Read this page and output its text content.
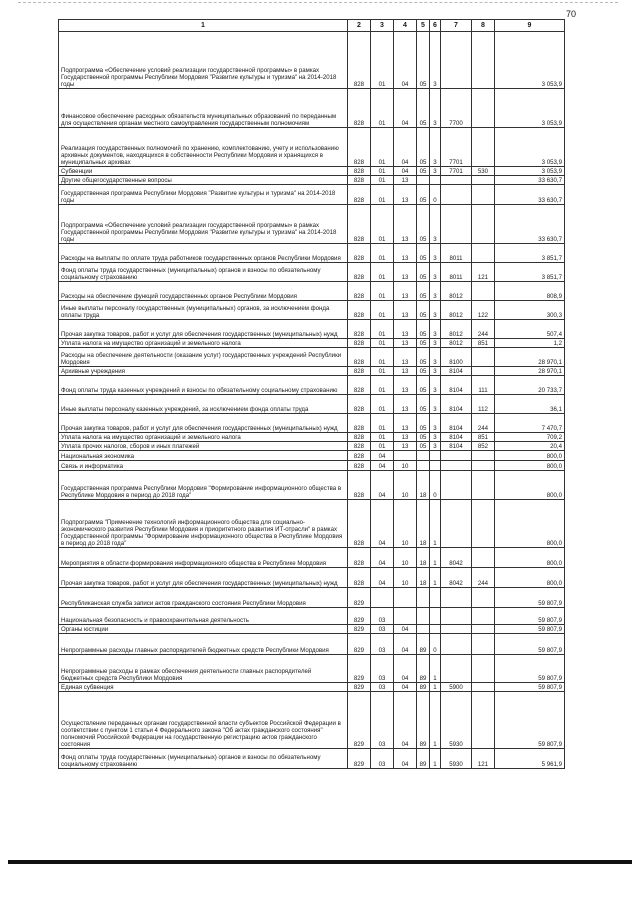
70
1	2	3	4	5	6	7	8	9
Подпрограмма «Обеспечение условий реализации государственной программы» в рамках Государственной программы Республики Мордовия "Развитие культуры и туризма" на 2014-2018 годы	828	01	04	05	3			3 053,9
Финансовое обеспечение расходных обязательств муниципальных образований по переданным для осуществления органам местного самоуправления государственным полномочиям	828	01	04	05	3	7700		3 053,9
Реализация государственных полномочий по хранению, комплектованию, учету и использованию архивных документов, находящихся в собственности Республики Мордовия и хранящихся в муниципальных архивах	828	01	04	05	3	7701		3 053,9
Субвенции	828	01	04	05	3	7701	530	3 053,9
Другие общегосударственные вопросы	828	01	13					33 630,7
Государственная программа Республики Мордовия "Развитие культуры и туризма" на 2014-2018 годы	828	01	13	05	0			33 630,7
Подпрограмма «Обеспечение условий реализации государственной программы» в рамках Государственной программы Республики Мордовия "Развитие культуры и туризма" на 2014-2018 годы	828	01	13	05	3			33 630,7
Расходы на выплаты по оплате труда работников государственных органов Республики Мордовия	828	01	13	05	3	8011		3 851,7
Фонд оплаты труда государственных (муниципальных) органов и взносы по обязательному социальному страхованию	828	01	13	05	3	8011	121	3 851,7
Расходы на обеспечение функций государственных органов Республики Мордовия	828	01	13	05	3	8012		808,9
Иные выплаты персоналу государственных (муниципальных) органов, за исключением фонда оплаты труда	828	01	13	05	3	8012	122	300,3
Прочая закупка товаров, работ и услуг для обеспечения государственных (муниципальных) нужд	828	01	13	05	3	8012	244	507,4
Уплата налога на имущество организаций и земельного налога	828	01	13	05	3	8012	851	1,2
Расходы на обеспечение деятельности (оказание услуг) государственных учреждений Республики Мордовия	828	01	13	05	3	8100		28 970,1
Архивные учреждения	828	01	13	05	3	8104		28 970,1
Фонд оплаты труда казенных учреждений и взносы по обязательному социальному страхованию	828	01	13	05	3	8104	111	20 733,7
Иные выплаты персоналу казенных учреждений, за исключением фонда оплаты труда	828	01	13	05	3	8104	112	36,1
Прочая закупка товаров, работ и услуг для обеспечения государственных (муниципальных) нужд	828	01	13	05	3	8104	244	7 470,7
Уплата налога на имущество организаций и земельного налога	828	01	13	05	3	8104	851	709,2
Уплата прочих налогов, сборов и иных платежей	828	01	13	05	3	8104	852	20,4
Национальная экономика	828	04						800,0
Связь и информатика	828	04	10					800,0
Государственная программа Республики Мордовия "Формирование информационного общества в Республике Мордовия в период до 2018 года"	828	04	10	18	0			800,0
Подпрограмма "Применение технологий информационного общества для социально-экономического развития Республики Мордовия и приоритетного развития ИТ-отрасли" в рамках Государственной программы "Формирование информационного общества в Республике Мордовия в период до 2018 года"	828	04	10	18	1			800,0
Мероприятия в области формирования информационного общества в Республике Мордовия	828	04	10	18	1	8042		800,0
Прочая закупка товаров, работ и услуг для обеспечения государственных (муниципальных) нужд	828	04	10	18	1	8042	244	800,0
Республиканская служба записи актов гражданского состояния Республики Мордовия	829							59 807,9
Национальная безопасность и правоохранительная деятельность	829	03						59 807,9
Органы юстиции	829	03	04					59 807,9
Непрограммные расходы главных распорядителей бюджетных средств Республики Мордовия	829	03	04	89	0			59 807,9
Непрограммные расходы в рамках обеспечения деятельности главных распорядителей бюджетных средств Республики Мордовия	829	03	04	89	1			59 807,9
Единая субвенция	829	03	04	89	1	5900		59 807,9
Осуществление переданных органам государственной власти субъектов Российской Федерации в соответствии с пунктом 1 статьи 4 Федерального закона "Об актах гражданского состояния" полномочий Российской Федерации на государственную регистрацию актов гражданского состояния	829	03	04	89	1	5930		59 807,9
Фонд оплаты труда государственных (муниципальных) органов и взносы по обязательному социальному страхованию	829	03	04	89	1	5930	121	5 961,9
